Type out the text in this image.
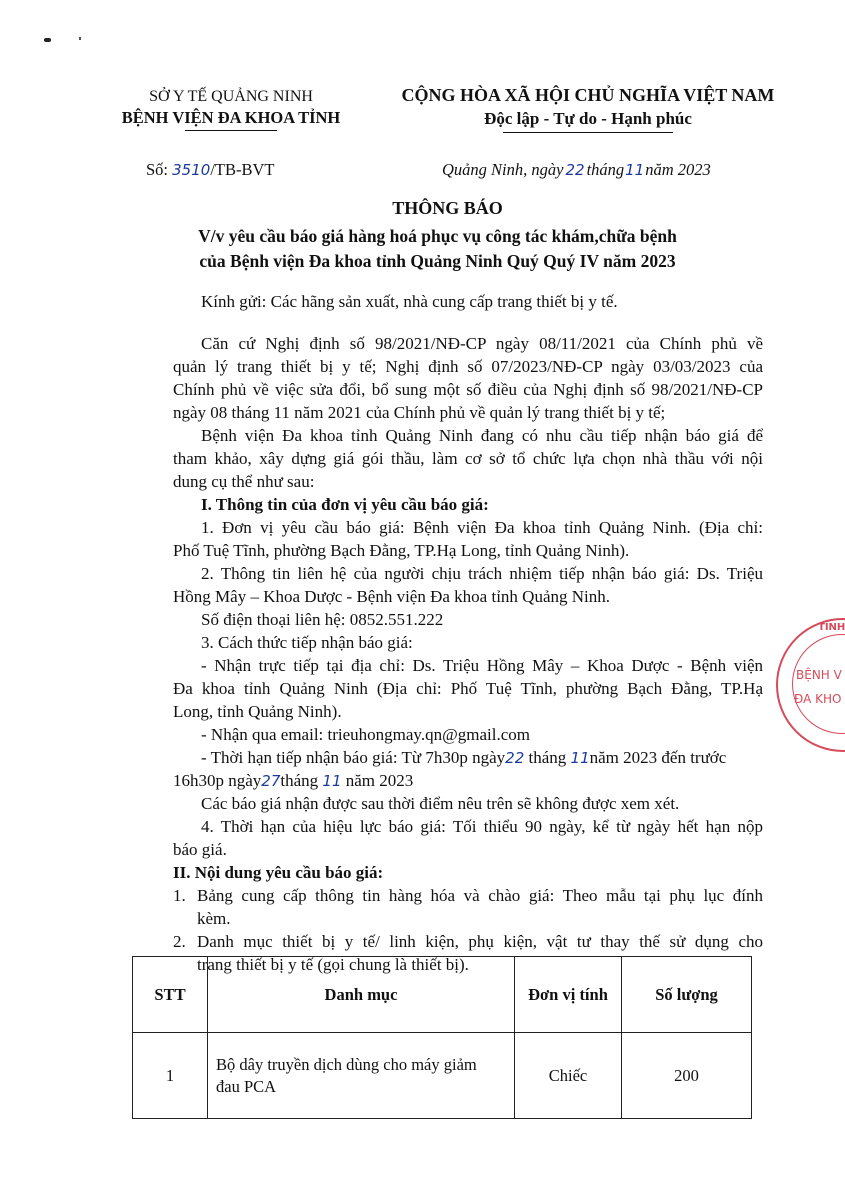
SỞ Y TẾ QUẢNG NINH
BỆNH VIỆN ĐA KHOA TỈNH
CỘNG HÒA XÃ HỘI CHỦ NGHĨA VIỆT NAM
Độc lập - Tự do - Hạnh phúc
Số: 3510/TB-BVT	Quảng Ninh, ngày 22 tháng11năm 2023
THÔNG BÁO
V/v yêu cầu báo giá hàng hoá phục vụ công tác khám,chữa bệnh
của Bệnh viện Đa khoa tỉnh Quảng Ninh Quý Quý IV năm 2023
Kính gửi: Các hãng sản xuất, nhà cung cấp trang thiết bị y tế.
Căn cứ Nghị định số 98/2021/NĐ-CP ngày 08/11/2021 của Chính phủ về
quản lý trang thiết bị y tế; Nghị định số 07/2023/NĐ-CP ngày 03/03/2023 của
Chính phủ về việc sửa đổi, bổ sung một số điều của Nghị định số 98/2021/NĐ-CP
ngày 08 tháng 11 năm 2021 của Chính phủ về quản lý trang thiết bị y tế;
Bệnh viện Đa khoa tỉnh Quảng Ninh đang có nhu cầu tiếp nhận báo giá để
tham khảo, xây dựng giá gói thầu, làm cơ sở tổ chức lựa chọn nhà thầu với nội
dung cụ thể như sau:
I. Thông tin của đơn vị yêu cầu báo giá:
1. Đơn vị yêu cầu báo giá: Bệnh viện Đa khoa tỉnh Quảng Ninh. (Địa chỉ:
Phố Tuệ Tĩnh, phường Bạch Đằng, TP.Hạ Long, tỉnh Quảng Ninh).
2. Thông tin liên hệ của người chịu trách nhiệm tiếp nhận báo giá: Ds. Triệu
Hồng Mây – Khoa Dược - Bệnh viện Đa khoa tỉnh Quảng Ninh.
Số điện thoại liên hệ: 0852.551.222
3. Cách thức tiếp nhận báo giá:
- Nhận trực tiếp tại địa chỉ: Ds. Triệu Hồng Mây – Khoa Dược - Bệnh viện
Đa khoa tỉnh Quảng Ninh (Địa chỉ: Phố Tuệ Tĩnh, phường Bạch Đằng, TP.Hạ
Long, tỉnh Quảng Ninh).
- Nhận qua email: trieuhongmay.qn@gmail.com
- Thời hạn tiếp nhận báo giá: Từ 7h30p ngày22 tháng 11năm 2023 đến trước
16h30p ngày27tháng 11 năm 2023
Các báo giá nhận được sau thời điểm nêu trên sẽ không được xem xét.
4. Thời hạn của hiệu lực báo giá: Tối thiểu 90 ngày, kể từ ngày hết hạn nộp
báo giá.
II. Nội dung yêu cầu báo giá:
1. Bảng cung cấp thông tin hàng hóa và chào giá: Theo mẫu tại phụ lục đính
kèm.
2. Danh mục thiết bị y tế/ linh kiện, phụ kiện, vật tư thay thế sử dụng cho
trang thiết bị y tế (gọi chung là thiết bị).
STT	Danh mục	Đơn vị tính	Số lượng
1	Bộ dây truyền dịch dùng cho máy giảm
đau PCA	Chiếc	200
TỈNH
BỆNH V
ĐA KHO
